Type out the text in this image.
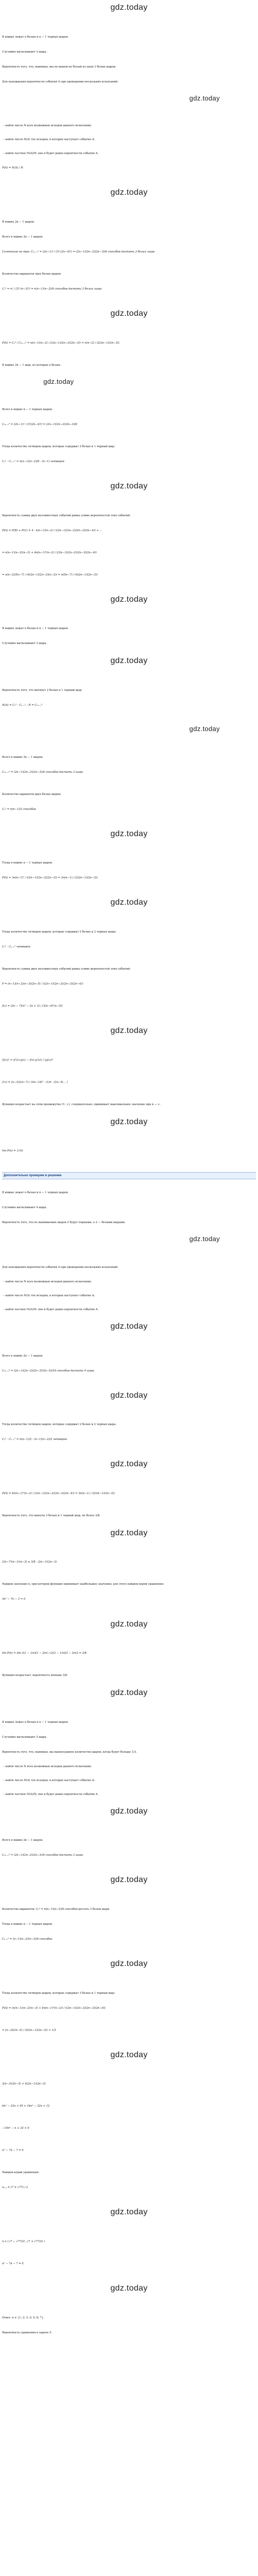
gdz.today
В ящике лежат n белых и n − 1 черных шаров.
Случайно вытаскивают 3 шара.
Вероятность того, что, вынимая, мы не вынем не белый из цепи 3 белых шаров:
Для нахождения вероятности события A при проведении нескольких испытаний:
gdz.today
– найти число N всех возможных исходов данного испытания;
– найти число N(A) тех исходов, в которых наступает событие A;
– найти частное N(A)/N; оно и будет равно вероятности события A.
P(A) = N(A) / N
gdz.today
В ящике 2n − 1 шаров.
Всего в ящике 2n − 1 шаров.
Сочетание по три: C₂ₙ₋₁³ = (2n−1)! / (3!·(2n−4)!) = (2n−1)(2n−2)(2n−3)/6 способов достать 3 белых шара
Количество вариантов трех белых шаров:
Cₙ³ = n! / (3!·(n−3)!) = n(n−1)(n−2)/6 способов достать 3 белых шара
gdz.today
P(A) = Cₙ³ / C₂ₙ₋₁³ = n(n−1)(n−2) / ((2n−1)(2n−2)(2n−3)) = n(n−2) / (2(2n−1)(2n−3))
В ящике 2n − 1 шар, из которых n белых.
gdz.today
Всего в ящике n − 1 черных шаров.
C₂ₙ₋₁³ = (2n−1)! / (3!(2n−4)!) = (2n−1)(2n−2)(2n−3)/6
Тогда количество четверок шаров, которые содержат 3 белых и 1 черный шар:
Cₙ³ · Cₙ₋₁¹ = n(n−1)(n−2)/6 · (n−1) четверок
gdz.today
Вероятность суммы двух несовместных событий равна сумме вероятностей этих событий:
P(A) = P(B) + P(C) = 4 · n(n−1)(n−2) / ((2n−1)(2n−2)(2n−3)(2n−4)) + ...
= n(n−1)(n−2)(n−3) + 4n(n−1)²(n−2) / ((2n−1)(2n−2)(2n−3)(2n−4))
= n(n−2)(5n−7) / (4(2n−1)(2n−3)(n−2)) = n(5n−7) / (4(2n−1)(2n−3))
gdz.today
В ящике лежат n белых и n − 1 черных шаров.
Случайно вытаскивают 3 шара.
gdz.today
Вероятность того, что вытянут 2 белых и 1 черный шар:
N(A) = Cₙ² · Cₙ₋₁¹ ; N = C₂ₙ₋₁³
gdz.today
Всего в ящике 2n − 1 шаров.
C₂ₙ₋₁³ = (2n−1)(2n−2)(2n−3)/6 способов достать 3 шара
Количество вариантов двух белых шаров:
Cₙ² = n(n−1)/2 способов
gdz.today
Тогда в ящике n − 1 черных шаров.
P(A) = 3n(n−1)² / ((2n−1)(2n−2)(2n−3)) = 3n(n−1) / (2(2n−1)(2n−3))
gdz.today
Тогда количество четверок шаров, которые содержат 2 белых и 2 черных шара:
Cₙ² · Cₙ₋₁² четверок
Вероятность суммы двух несовместных событий равна сумме вероятностей этих событий:
P = (n−1)(n−2)(n−3)(2n−5) / ((2n−1)(2n−2)(2n−3)(2n−4))
f(x) = (2n − 7)(n² − 2n + 3) / (3(n−4)²(n−5))
gdz.today
(f(x))′ = (f′(x)·g(x) − f(x)·g′(x)) / (g(x))²
f′(x) = (n−3)(2n−7) / (4n−18)² · (1/6 · (2n−5)... )
Функция возрастает на этом промежутке (1; ∞), следовательно, принимает максимальное значение при n → ∞.
gdz.today
lim P(n) = 1/16
Дополнительно проверим в решении
В ящике лежат n белых и n − 1 черных шаров.
Случайно вытаскивают 4 шара.
Вероятность того, что из вынимаемых шаров 2 будут черными, а 2 — белыми шарами.
gdz.today
Для нахождения вероятности события A при проведении нескольких испытаний:
– найти число N всех возможных исходов данного испытания;
– найти число N(A) тех исходов, в которых наступает событие A;
– найти частное N(A)/N; оно и будет равно вероятности события A.
gdz.today
Всего в ящике 2n − 1 шаров.
C₂ₙ₋₁⁴ = (2n−1)(2n−2)(2n−3)(2n−4)/24 способов достать 4 шара
gdz.today
Тогда количество четверок шаров, которые содержат 2 белых и 2 черных шара:
Cₙ² · Cₙ₋₁² = n(n−1)/2 · (n−1)(n−2)/2 четверок
gdz.today
P(A) = 6n(n−1)²(n−2) / ((2n−1)(2n−2)(2n−3)(2n−4)) = 3n(n−1) / (2(2n−1)(2n−3))
Вероятность того, что вынуты 3 белых и 1 черный шар, не более 3/8.
gdz.today
(2n−7)(n−1)(n−3) ≤ 3/8 · (2n−1)(2n−3)
Найдем значение n, при котором функция принимает наибольшее значение; для этого найдем корни уравнения:
3n² − 7n − 3 = 0
gdz.today
lim P(n) = lim 3(1 − 1/n)(1 − 2/n) / (2(2 − 1/n)(2 − 3/n)) = 3/8
Функция возрастает, вероятность меньше 3/8.
gdz.today
В ящике лежат n белых и n − 1 черных шаров.
Случайно вытаскивают 3 шара.
Вероятность того, что, вынимая, мы вынем равное количество шаров, когда будет больше 1/3.
– найти число N всех возможных исходов данного испытания;
– найти число N(A) тех исходов, в которых наступает событие A;
– найти частное N(A)/N; оно и будет равно вероятности события A.
gdz.today
Всего в ящике 2n − 1 шаров.
C₂ₙ₋₁³ = (2n−1)(2n−2)(2n−3)/6 способов достать 3 шара
gdz.today
Количество вариантов: Cₙ³ = n(n−1)(n−2)/6 способов достать 3 белых шара
Тогда в ящике n − 1 черных шаров.
Cₙ₋₁³ = (n−1)(n−2)(n−3)/6 способов
gdz.today
Тогда количество четверок шаров, которые содержат 3 белых и 1 черный шар:
P(A) = (n(n−1)(n−2)(n−3) + 4n(n−1)²(n−2)) / ((2n−1)(2n−2)(2n−3)(2n−4))
= (n−3)(2n−5) / (4(2n−1)(2n−3)) > 1/3
gdz.today
3(n−3)(2n−5) > 4(2n−1)(2n−3)
6n² − 33n + 45 > 16n² − 32n + 12
−10n² − n + 33 > 0
n² − 7n − 7 = 0
Найдем корни уравнения:
n₁,₂ = (7 ± √77) / 2
gdz.today
n ∈ ( (7 − √77)/2 ; (7 + √77)/2 )
n² − 7n − 7 = 0
gdz.today
Ответ: n ∈ {1; 2; 3; 4; 5; 6; 7}.
Вероятность сравнения в задаче 5.
